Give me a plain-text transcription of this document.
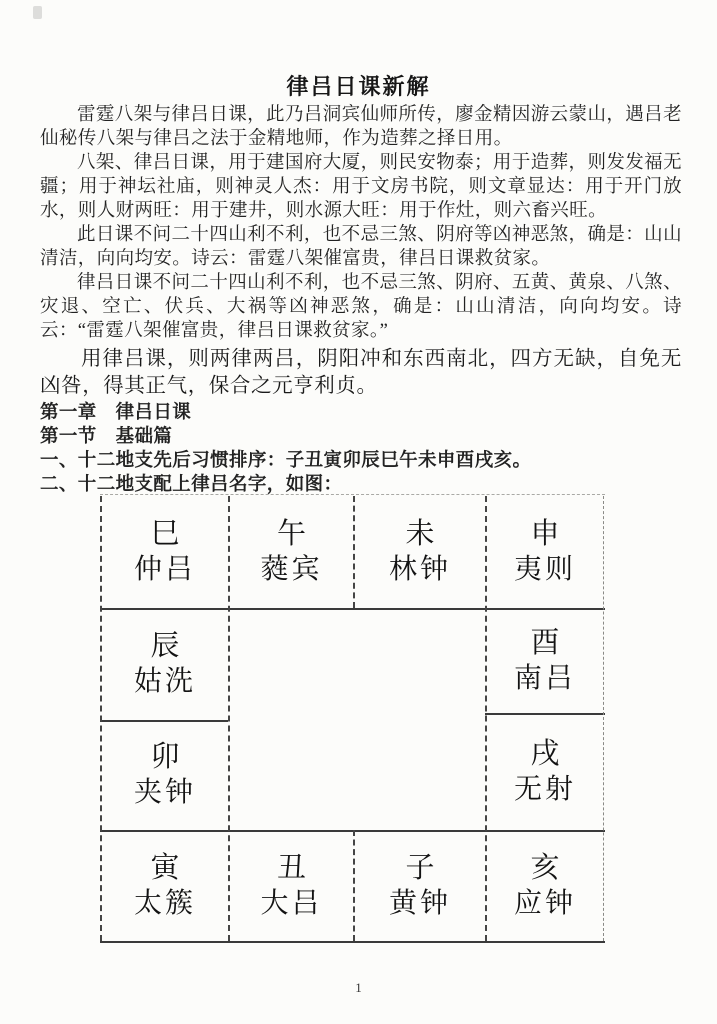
律吕日课新解

雷霆八架与律吕日课，此乃吕洞宾仙师所传，廖金精因游云蒙山，遇吕老仙秘传八架与律吕之法于金精地师，作为造葬之择日用。

八架、律吕日课，用于建国府大厦，则民安物泰；用于造葬，则发发福无疆；用于神坛社庙，则神灵人杰：用于文房书院，则文章显达：用于开门放水，则人财两旺：用于建井，则水源大旺：用于作灶，则六畜兴旺。

此日课不问二十四山利不利，也不忌三煞、阴府等凶神恶煞，确是：山山清洁，向向均安。诗云：雷霆八架催富贵，律吕日课救贫家。

律吕日课不问二十四山利不利，也不忌三煞、阴府、五黄、黄泉、八煞、灾退、空亡、伏兵、大祸等凶神恶煞，确是：山山清洁，向向均安。诗云：“雷霆八架催富贵，律吕日课救贫家。”

用律吕课，则两律两吕，阴阳冲和东西南北，四方无缺，自免无凶咎，得其正气，保合之元亨利贞。

第一章　律吕日课

第一节　基础篇

一、十二地支先后习惯排序：子丑寅卯辰巳午未申酉戌亥。

二、十二地支配上律吕名字，如图：

巳
仲吕
午
蕤宾
未
林钟
申
夷则
辰
姑洗
卯
夹钟
酉
南吕
戌
无射
寅
太簇
丑
大吕
子
黄钟
亥
应钟
1
